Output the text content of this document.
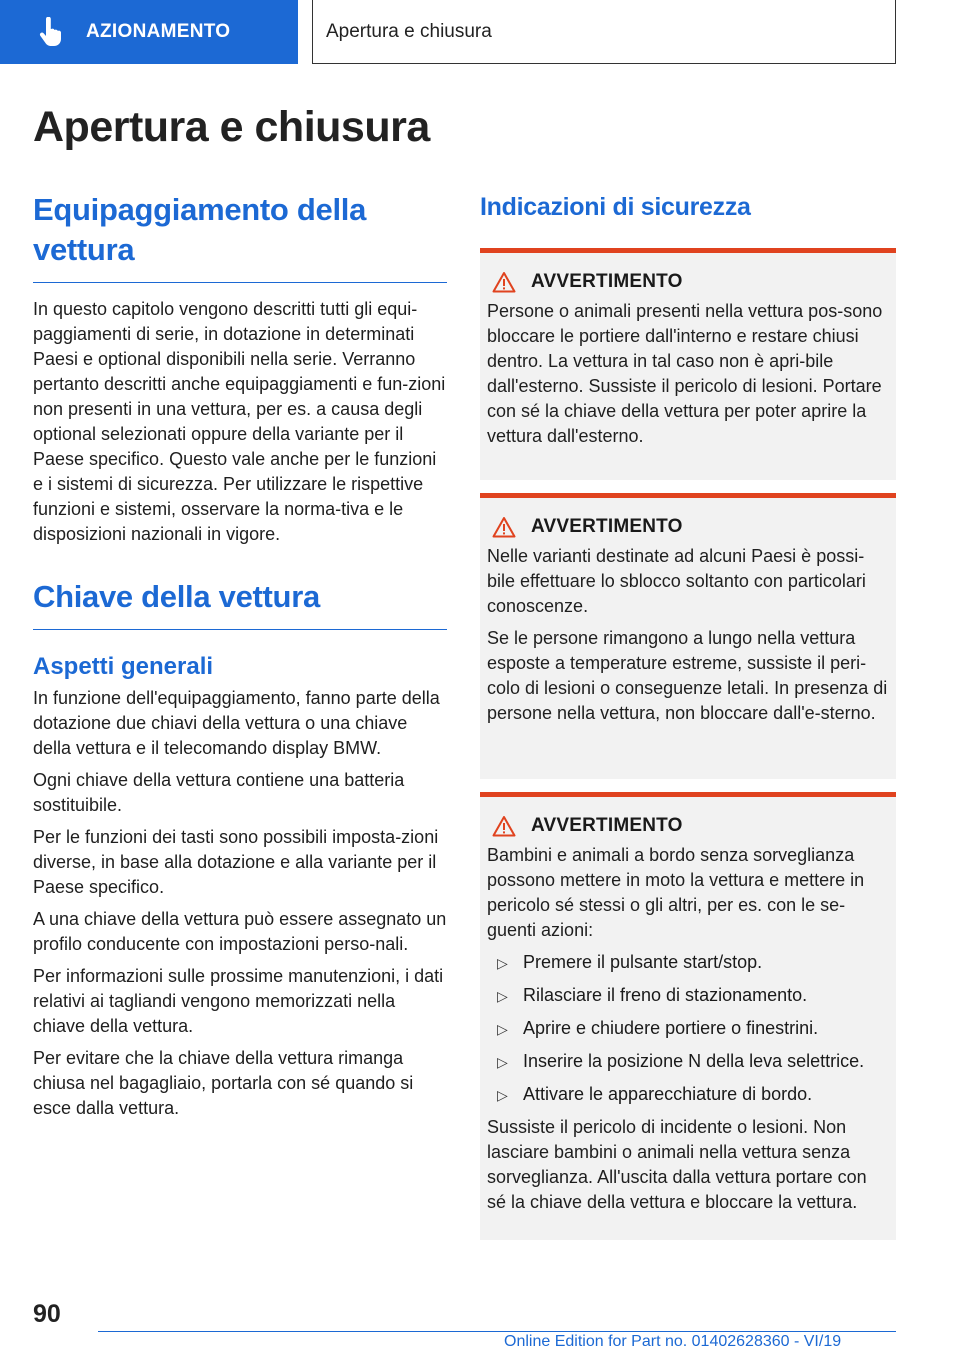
AZIONAMENTO	Apertura e chiusura
Apertura e chiusura
Equipaggiamento della vettura

In questo capitolo vengono descritti tutti gli equi-paggiamenti di serie, in dotazione in determinati Paesi e optional disponibili nella serie. Verranno pertanto descritti anche equipaggiamenti e fun-zioni non presenti in una vettura, per es. a causa degli optional selezionati oppure della variante per il Paese specifico. Questo vale anche per le funzioni e i sistemi di sicurezza. Per utilizzare le rispettive funzioni e sistemi, osservare la norma-tiva e le disposizioni nazionali in vigore.

Chiave della vettura
Aspetti generali

In funzione dell'equipaggiamento, fanno parte della dotazione due chiavi della vettura o una chiave della vettura e il telecomando display BMW.

Ogni chiave della vettura contiene una batteria sostituibile.

Per le funzioni dei tasti sono possibili imposta-zioni diverse, in base alla dotazione e alla variante per il Paese specifico.

A una chiave della vettura può essere assegnato un profilo conducente con impostazioni perso-nali.

Per informazioni sulle prossime manutenzioni, i dati relativi ai tagliandi vengono memorizzati nella chiave della vettura.

Per evitare che la chiave della vettura rimanga chiusa nel bagagliaio, portarla con sé quando si esce dalla vettura.

Indicazioni di sicurezza
AVVERTIMENTO

Persone o animali presenti nella vettura pos-sono bloccare le portiere dall'interno e restare chiusi dentro. La vettura in tal caso non è apri-bile dall'esterno. Sussiste il pericolo di lesioni. Portare con sé la chiave della vettura per poter aprire la vettura dall'esterno.

AVVERTIMENTO

Nelle varianti destinate ad alcuni Paesi è possi-bile effettuare lo sblocco soltanto con particolari conoscenze.

Se le persone rimangono a lungo nella vettura esposte a temperature estreme, sussiste il peri-colo di lesioni o conseguenze letali. In presenza di persone nella vettura, non bloccare dall'e-sterno.

AVVERTIMENTO

Bambini e animali a bordo senza sorveglianza possono mettere in moto la vettura e mettere in pericolo sé stessi o gli altri, per es. con le se-guenti azioni:

▷ Premere il pulsante start/stop.
▷ Rilasciare il freno di stazionamento.
▷ Aprire e chiudere portiere o finestrini.
▷ Inserire la posizione N della leva selettrice.
▷ Attivare le apparecchiature di bordo.

Sussiste il pericolo di incidente o lesioni. Non lasciare bambini o animali nella vettura senza sorveglianza. All'uscita dalla vettura portare con sé la chiave della vettura e bloccare la vettura.

90
Online Edition for Part no. 01402628360 - VI/19
